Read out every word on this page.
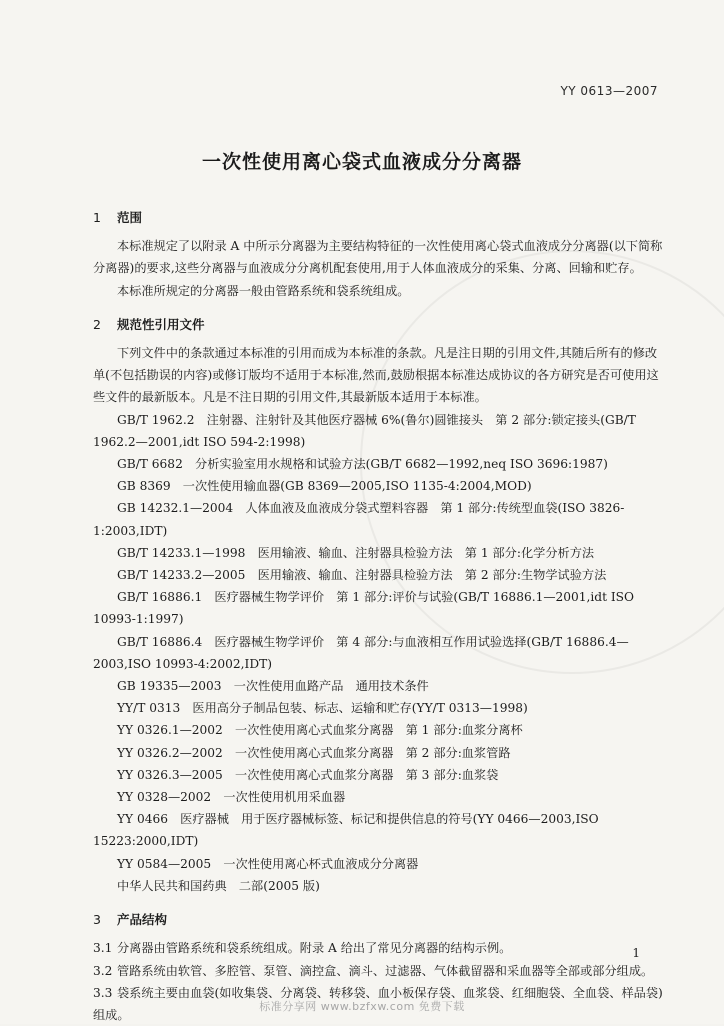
YY 0613—2007
一次性使用离心袋式血液成分分离器
1 范围

本标准规定了以附录 A 中所示分离器为主要结构特征的一次性使用离心袋式血液成分分离器(以下简称分离器)的要求,这些分离器与血液成分分离机配套使用,用于人体血液成分的采集、分离、回输和贮存。

本标准所规定的分离器一般由管路系统和袋系统组成。

2 规范性引用文件

下列文件中的条款通过本标准的引用而成为本标准的条款。凡是注日期的引用文件,其随后所有的修改单(不包括勘误的内容)或修订版均不适用于本标准,然而,鼓励根据本标准达成协议的各方研究是否可使用这些文件的最新版本。凡是不注日期的引用文件,其最新版本适用于本标准。

GB/T 1962.2　注射器、注射针及其他医疗器械 6%(鲁尔)圆锥接头　第 2 部分:锁定接头(GB/T 1962.2—2001,idt ISO 594-2:1998)

GB/T 6682　分析实验室用水规格和试验方法(GB/T 6682—1992,neq ISO 3696:1987)

GB 8369　一次性使用输血器(GB 8369—2005,ISO 1135-4:2004,MOD)

GB 14232.1—2004　人体血液及血液成分袋式塑料容器　第 1 部分:传统型血袋(ISO 3826-1:2003,IDT)

GB/T 14233.1—1998　医用输液、输血、注射器具检验方法　第 1 部分:化学分析方法

GB/T 14233.2—2005　医用输液、输血、注射器具检验方法　第 2 部分:生物学试验方法

GB/T 16886.1　医疗器械生物学评价　第 1 部分:评价与试验(GB/T 16886.1—2001,idt ISO 10993-1:1997)

GB/T 16886.4　医疗器械生物学评价　第 4 部分:与血液相互作用试验选择(GB/T 16886.4—2003,ISO 10993-4:2002,IDT)

GB 19335—2003　一次性使用血路产品　通用技术条件

YY/T 0313　医用高分子制品包装、标志、运输和贮存(YY/T 0313—1998)

YY 0326.1—2002　一次性使用离心式血浆分离器　第 1 部分:血浆分离杯

YY 0326.2—2002　一次性使用离心式血浆分离器　第 2 部分:血浆管路

YY 0326.3—2005　一次性使用离心式血浆分离器　第 3 部分:血浆袋

YY 0328—2002　一次性使用机用采血器

YY 0466　医疗器械　用于医疗器械标签、标记和提供信息的符号(YY 0466—2003,ISO 15223:2000,IDT)

YY 0584—2005　一次性使用离心杯式血液成分分离器

中华人民共和国药典　二部(2005 版)

3 产品结构

3.1 分离器由管路系统和袋系统组成。附录 A 给出了常见分离器的结构示例。

3.2 管路系统由软管、多腔管、泵管、滴控盒、滴斗、过滤器、气体截留器和采血器等全部或部分组成。

3.3 袋系统主要由血袋(如收集袋、分离袋、转移袋、血小板保存袋、血浆袋、红细胞袋、全血袋、样品袋)组成。

1
标准分享网 www.bzfxw.com 免费下载
